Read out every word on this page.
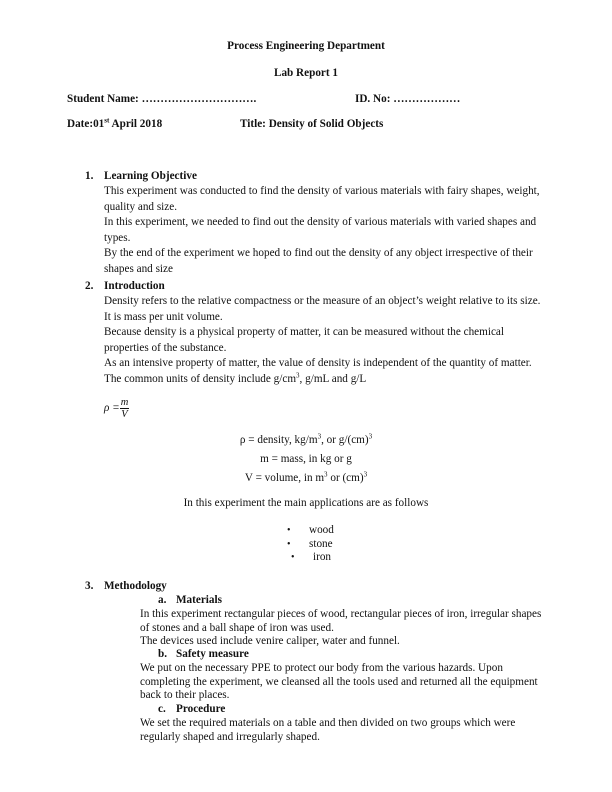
Process Engineering Department
Lab Report 1
Student Name: ………………………….	ID. No: ………………
Date:01st April 2018	Title: Density of Solid Objects
1. Learning Objective
This experiment was conducted to find the density of various materials with fairy shapes, weight, quality and size.
In this experiment, we needed to find out the density of various materials with varied shapes and types.
By the end of the experiment we hoped to find out the density of any object irrespective of their shapes and size
2. Introduction
Density refers to the relative compactness or the measure of an object’s weight relative to its size. It is mass per unit volume.
Because density is a physical property of matter, it can be measured without the chemical properties of the substance.
As an intensive property of matter, the value of density is independent of the quantity of matter. The common units of density include $g/cm^3$, g/mL and g/L
$\rho = \frac{m}{V}$
ρ = density, $kg/m^3$, or g/(cm)$^3$
m = mass, in kg or g
V = volume, in $m^3$ or (cm)$^3$
In this experiment the main applications are as follows
• wood
• stone
• iron
3. Methodology
a. Materials
In this experiment rectangular pieces of wood, rectangular pieces of iron, irregular shapes of stones and a ball shape of iron was used.
The devices used include venire caliper, water and funnel.
b. Safety measure
We put on the necessary PPE to protect our body from the various hazards. Upon completing the experiment, we cleansed all the tools used and returned all the equipment back to their places.
c. Procedure
We set the required materials on a table and then divided on two groups which were regularly shaped and irregularly shaped.
